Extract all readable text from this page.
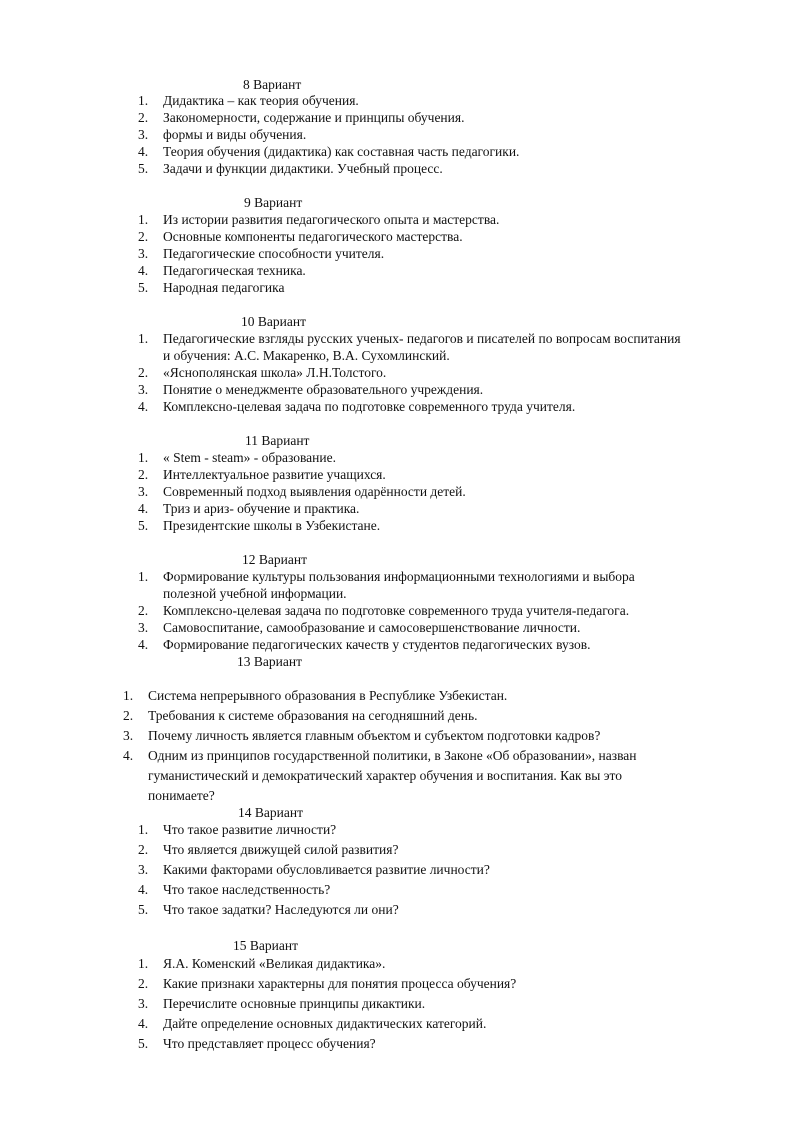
8 Вариант
1. Дидактика – как теория обучения.
2. Закономерности, содержание и принципы обучения.
3. формы и виды обучения.
4. Теория обучения (дидактика) как составная часть педагогики.
5. Задачи и функции дидактики. Учебный процесс.
9 Вариант
1. Из истории развития педагогического опыта и мастерства.
2. Основные компоненты педагогического мастерства.
3. Педагогические способности учителя.
4. Педагогическая техника.
5. Народная педагогика
10 Вариант
1. Педагогические взгляды русских ученых- педагогов и писателей по вопросам воспитания
и обучения: А.С. Макаренко, В.А. Сухомлинский.
2. «Яснополянская школа» Л.Н.Толстого.
3. Понятие о менеджменте образовательного учреждения.
4. Комплексно-целевая задача по подготовке современного труда учителя.
11 Вариант
1. « Stem - steam» - образование.
2. Интеллектуальное развитие учащихся.
3. Современный подход выявления одарённости детей.
4. Триз и ариз- обучение и практика.
5. Президентские школы в Узбекистане.
12 Вариант
1. Формирование культуры пользования информационными технологиями и выбора
полезной учебной информации.
2. Комплексно-целевая задача по подготовке современного труда учителя-педагога.
3. Самовоспитание, самообразование и самосовершенствование личности.
4. Формирование педагогических качеств у студентов педагогических вузов.
13 Вариант
1. Система непрерывного образования в Республике Узбекистан.
2. Требования к системе образования на сегодняшний день.
3. Почему личность является главным объектом и субъектом подготовки кадров?
4. Одним из принципов государственной политики, в Законе «Об образовании», назван
гуманистический и демократический характер обучения и воспитания. Как вы это
понимаете?
14 Вариант
1. Что такое развитие личности?
2. Что является движущей силой развития?
3. Какими факторами обусловливается развитие личности?
4. Что такое наследственность?
5. Что такое задатки? Наследуются ли они?
15 Вариант
1. Я.А. Коменский «Великая дидактика».
2. Какие признаки характерны для понятия процесса обучения?
3. Перечислите основные принципы дикактики.
4. Дайте определение основных дидактических категорий.
5. Что представляет процесс обучения?
